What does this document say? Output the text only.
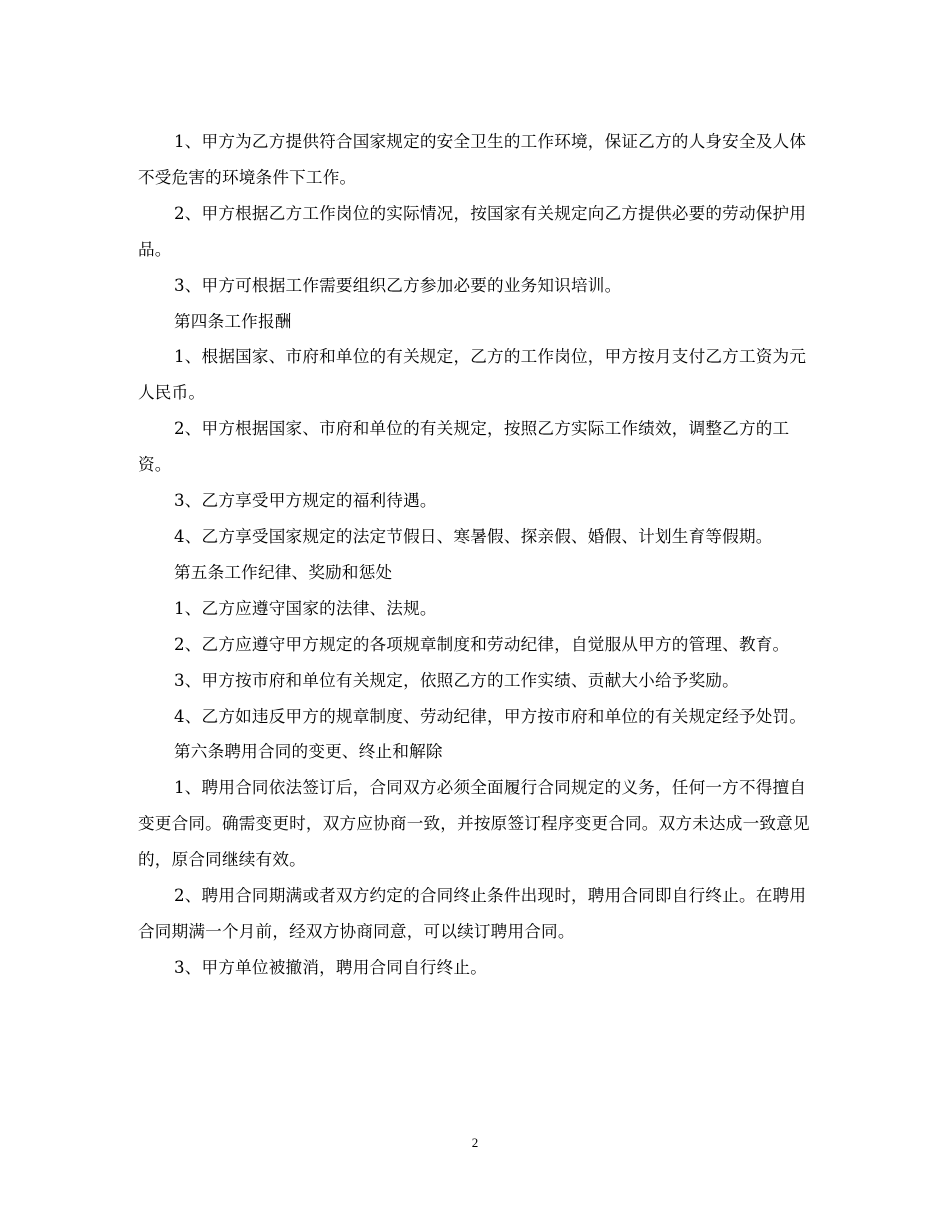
1、甲方为乙方提供符合国家规定的安全卫生的工作环境，保证乙方的人身安全及人体不受危害的环境条件下工作。

2、甲方根据乙方工作岗位的实际情况，按国家有关规定向乙方提供必要的劳动保护用品。

3、甲方可根据工作需要组织乙方参加必要的业务知识培训。

第四条工作报酬

1、根据国家、市府和单位的有关规定，乙方的工作岗位，甲方按月支付乙方工资为元人民币。

2、甲方根据国家、市府和单位的有关规定，按照乙方实际工作绩效，调整乙方的工资。

3、乙方享受甲方规定的福利待遇。

4、乙方享受国家规定的法定节假日、寒暑假、探亲假、婚假、计划生育等假期。

第五条工作纪律、奖励和惩处

1、乙方应遵守国家的法律、法规。

2、乙方应遵守甲方规定的各项规章制度和劳动纪律，自觉服从甲方的管理、教育。

3、甲方按市府和单位有关规定，依照乙方的工作实绩、贡献大小给予奖励。

4、乙方如违反甲方的规章制度、劳动纪律，甲方按市府和单位的有关规定经予处罚。

第六条聘用合同的变更、终止和解除

1、聘用合同依法签订后，合同双方必须全面履行合同规定的义务，任何一方不得擅自变更合同。确需变更时，双方应协商一致，并按原签订程序变更合同。双方未达成一致意见的，原合同继续有效。

2、聘用合同期满或者双方约定的合同终止条件出现时，聘用合同即自行终止。在聘用合同期满一个月前，经双方协商同意，可以续订聘用合同。

3、甲方单位被撤消，聘用合同自行终止。

2
